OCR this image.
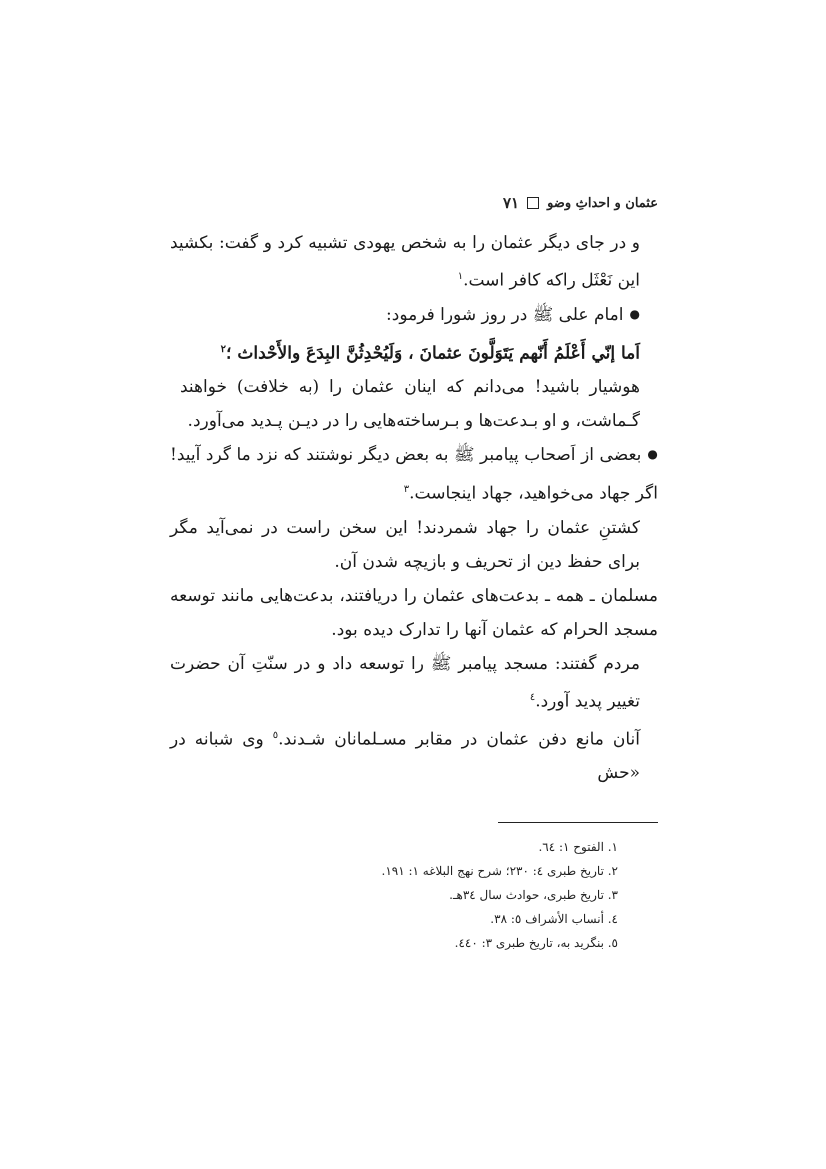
عثمان و احداثِ وضو
٧١

و در جای دیگر عثمان را به شخص یهودی تشبیه کرد و گفت: بکشید این نَعْثَل راکه کافر است.$^١$

● امام علی ﷺ در روز شورا فرمود:

اَما إنّي أَعْلَمُ أَنّهم يَتَوَلَّونَ عثمانَ ، وَلَيُحْدِثُنَّ البِدَعَ والأَحْداث ؛$^٢$

هوشیار باشید! می‌دانم که اینان عثمان را (به خلافت) خواهند گـماشت، و او بـدعت‌ها و بـرساخته‌هایی را در دیـن پـدید می‌آورد.

● بعضی از اَصحاب پیامبر ﷺ به بعض دیگر نوشتند که نزد ما گرد آیید! اگر جهاد می‌خواهید، جهاد اینجاست.$^٣$

کشتنِ عثمان را جهاد شمردند! این سخن راست در نمی‌آید مگر برای حفظ دین از تحریف و بازیچه شدن آن.

مسلمان ـ همه ـ بدعت‌های عثمان را دریافتند، بدعت‌هایی مانند توسعه مسجد الحرام که عثمان آنها را تدارک دیده بود.

مردم گفتند: مسجد پیامبر ﷺ را توسعه داد و در سنّتِ آن حضرت تغییر پدید آورد.$^٤$

آنان مانع دفن عثمان در مقابر مسـلمانان شـدند.$^٥$ وی شبانه در «حش

١. الفتوح ١: ٦٤.

٢. تاريخ طبری ٤: ٢٣٠؛ شرح نهج البلاغه ١: ١٩١.

٣. تاريخ طبری، حوادث سال ٣٤هـ.

٤. أنساب الأشراف ٥: ٣٨.

٥. بنگرید به، تاریخ طبری ٣: ٤٤٠.
